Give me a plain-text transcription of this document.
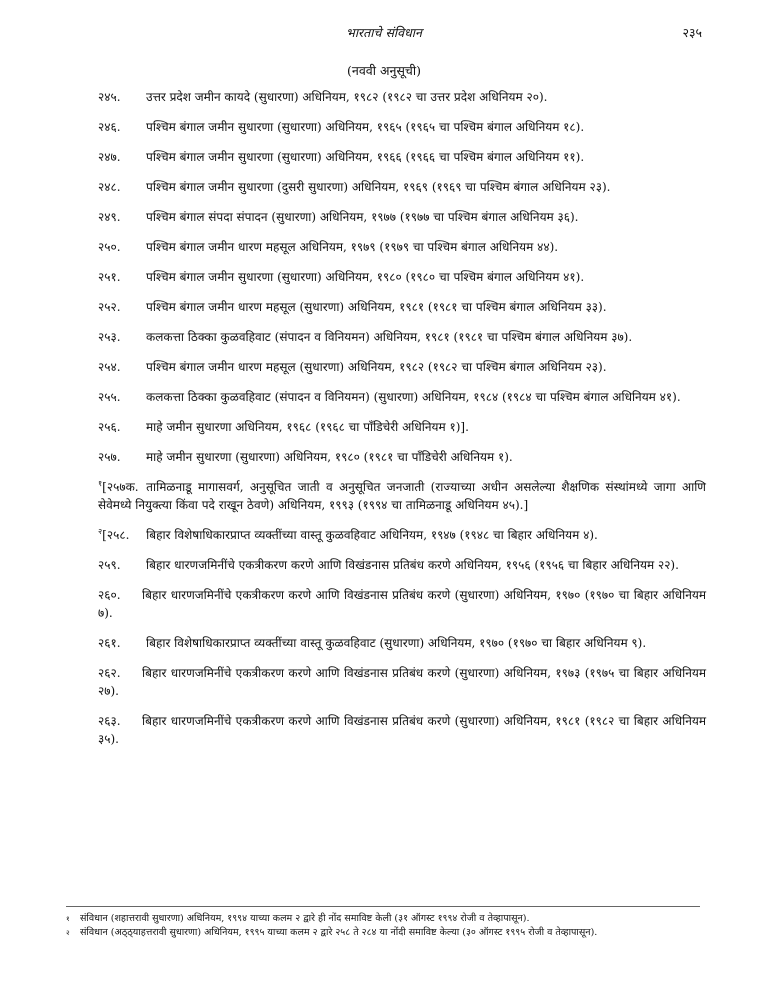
भारताचे संविधान	२३५
(नववी अनुसूची)
२४५.	उत्तर प्रदेश जमीन कायदे (सुधारणा) अधिनियम, १९८२ (१९८२ चा उत्तर प्रदेश अधिनियम २०).
२४६.	पश्चिम बंगाल जमीन सुधारणा (सुधारणा) अधिनियम, १९६५ (१९६५ चा पश्चिम बंगाल अधिनियम १८).
२४७.	पश्चिम बंगाल जमीन सुधारणा (सुधारणा) अधिनियम, १९६६ (१९६६ चा पश्चिम बंगाल अधिनियम ११).
२४८.	पश्चिम बंगाल जमीन सुधारणा (दुसरी सुधारणा) अधिनियम, १९६९ (१९६९ चा पश्चिम बंगाल अधिनियम २३).
२४९.	पश्चिम बंगाल संपदा संपादन (सुधारणा) अधिनियम, १९७७ (१९७७ चा पश्चिम बंगाल अधिनियम ३६).
२५०.	पश्चिम बंगाल जमीन धारण महसूल अधिनियम, १९७९ (१९७९ चा पश्चिम बंगाल अधिनियम ४४).
२५१.	पश्चिम बंगाल जमीन सुधारणा (सुधारणा) अधिनियम, १९८० (१९८० चा पश्चिम बंगाल अधिनियम ४१).
२५२.	पश्चिम बंगाल जमीन धारण महसूल (सुधारणा) अधिनियम, १९८१ (१९८१ चा पश्चिम बंगाल अधिनियम ३३).
२५३.	कलकत्ता ठिक्का कुळवहिवाट (संपादन व विनियमन) अधिनियम, १९८१ (१९८१ चा पश्चिम बंगाल अधिनियम ३७).
२५४.	पश्चिम बंगाल जमीन धारण महसूल (सुधारणा) अधिनियम, १९८२ (१९८२ चा पश्चिम बंगाल अधिनियम २३).
२५५.	कलकत्ता ठिक्का कुळवहिवाट (संपादन व विनियमन) (सुधारणा) अधिनियम, १९८४ (१९८४ चा पश्चिम बंगाल अधिनियम ४१).
२५६.	माहे जमीन सुधारणा अधिनियम, १९६८ (१९६८ चा पाँडिचेरी अधिनियम १)].
२५७.	माहे जमीन सुधारणा (सुधारणा) अधिनियम, १९८० (१९८१ चा पाँडिचेरी अधिनियम १).
$^१$[२५७क. तामिळनाडू मागासवर्ग, अनुसूचित जाती व अनुसूचित जनजाती (राज्याच्या अधीन असलेल्या शैक्षणिक संस्थांमध्ये जागा आणि सेवेमध्ये नियुक्त्या किंवा पदे राखून ठेवणे) अधिनियम, १९९३ (१९९४ चा तामिळनाडू अधिनियम ४५).]
$^२$[२५८. बिहार विशेषाधिकारप्राप्त व्यक्तींच्या वास्तू कुळवहिवाट अधिनियम, १९४७ (१९४८ चा बिहार अधिनियम ४).
२५९.	बिहार धारणजमिनींचे एकत्रीकरण करणे आणि विखंडनास प्रतिबंध करणे अधिनियम, १९५६ (१९५६ चा बिहार अधिनियम २२).
२६०. बिहार धारणजमिनींचे एकत्रीकरण करणे आणि विखंडनास प्रतिबंध करणे (सुधारणा) अधिनियम, १९७० (१९७० चा बिहार अधिनियम ७).
२६१.	बिहार विशेषाधिकारप्राप्त व्यक्तींच्या वास्तू कुळवहिवाट (सुधारणा) अधिनियम, १९७० (१९७० चा बिहार अधिनियम ९).
२६२. बिहार धारणजमिनींचे एकत्रीकरण करणे आणि विखंडनास प्रतिबंध करणे (सुधारणा) अधिनियम, १९७३ (१९७५ चा बिहार अधिनियम २७).
२६३. बिहार धारणजमिनींचे एकत्रीकरण करणे आणि विखंडनास प्रतिबंध करणे (सुधारणा) अधिनियम, १९८१ (१९८२ चा बिहार अधिनियम ३५).
१	संविधान (शहात्तरावी सुधारणा) अधिनियम, १९९४ याच्या कलम २ द्वारे ही नोंद समाविष्ट केली (३१ ऑगस्ट १९९४ रोजी व तेव्हापासून).
२	संविधान (अठ्ठ्याहत्तरावी सुधारणा) अधिनियम, १९९५ याच्या कलम २ द्वारे २५८ ते २८४ या नोंदी समाविष्ट केल्या (३० ऑगस्ट १९९५ रोजी व तेव्हापासून).
